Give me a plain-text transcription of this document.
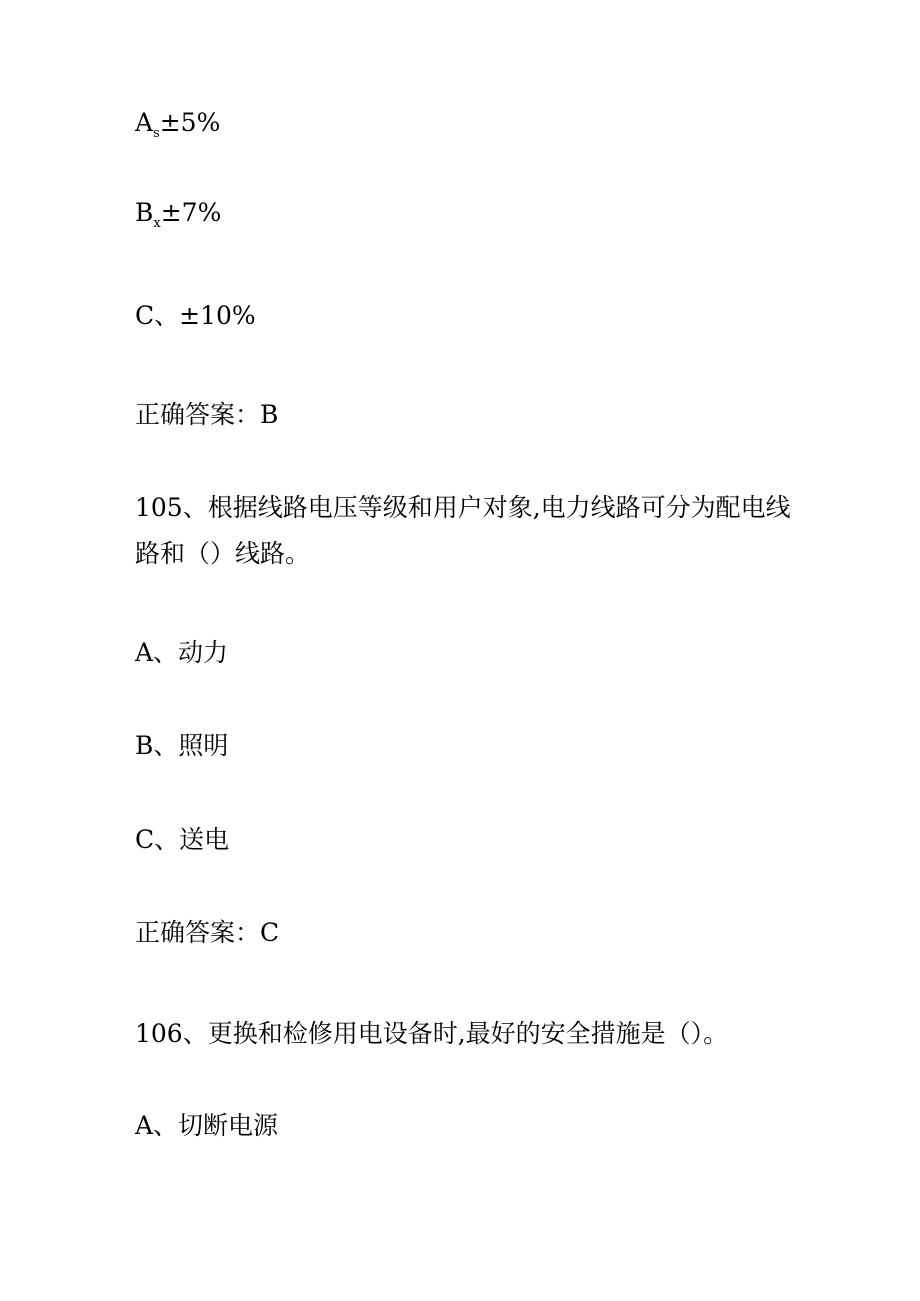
$A_s\pm 5\%$
$B_x\pm 7\%$
C、±10%
正确答案：B
105、根据线路电压等级和用户对象,电力线路可分为配电线路和（）线路。
A、动力
B、照明
C、送电
正确答案：C
106、更换和检修用电设备时,最好的安全措施是（）。
A、切断电源
